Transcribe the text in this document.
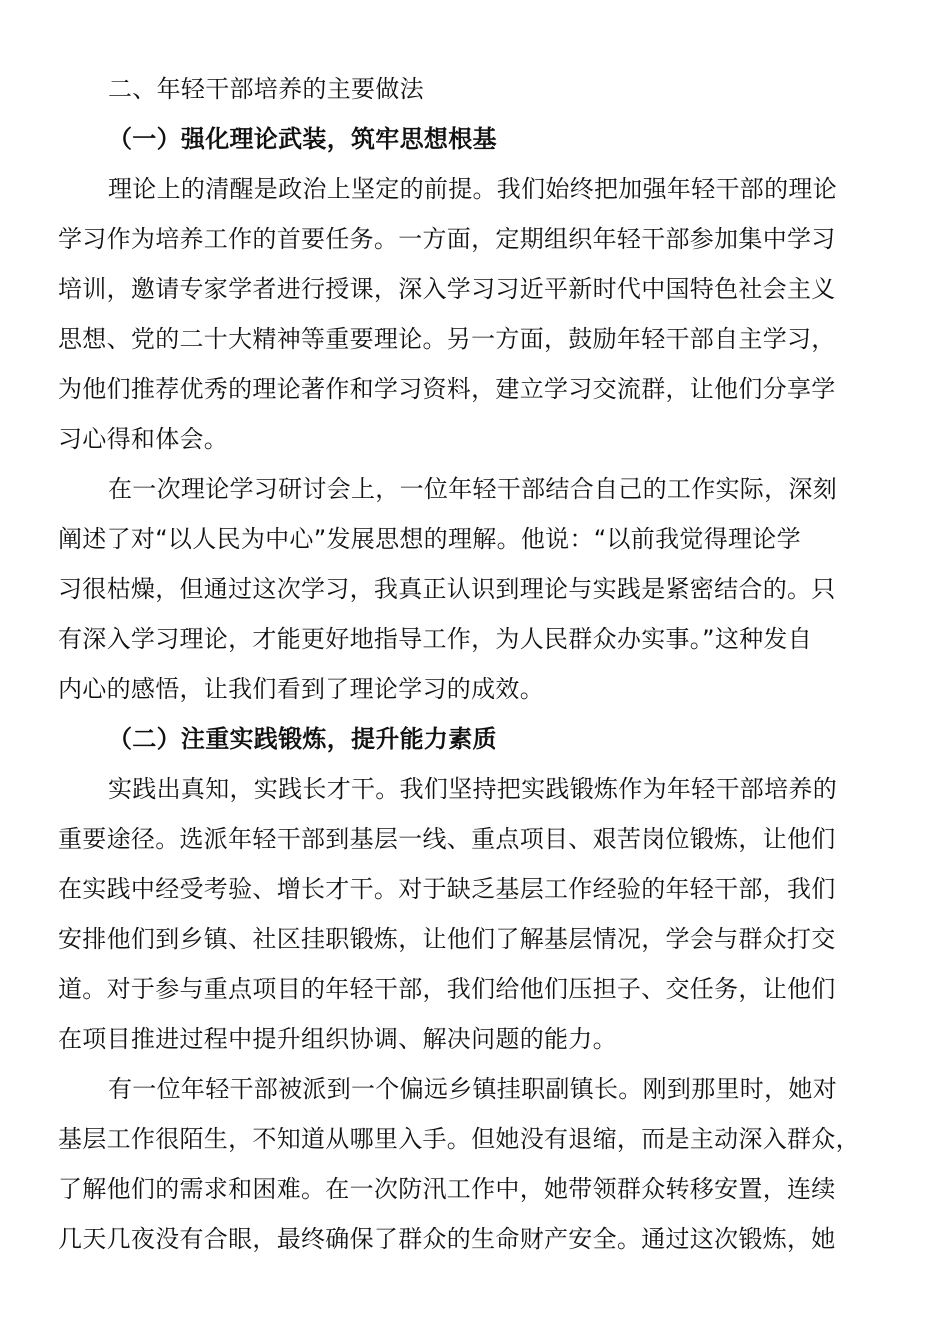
二、年轻干部培养的主要做法
（一）强化理论武装，筑牢思想根基
理论上的清醒是政治上坚定的前提。我们始终把加强年轻干部的理论
学习作为培养工作的首要任务。一方面，定期组织年轻干部参加集中学习
培训，邀请专家学者进行授课，深入学习习近平新时代中国特色社会主义
思想、党的二十大精神等重要理论。另一方面，鼓励年轻干部自主学习，
为他们推荐优秀的理论著作和学习资料，建立学习交流群，让他们分享学
习心得和体会。
在一次理论学习研讨会上，一位年轻干部结合自己的工作实际，深刻
阐述了对“以人民为中心”发展思想的理解。他说：“以前我觉得理论学
习很枯燥，但通过这次学习，我真正认识到理论与实践是紧密结合的。只
有深入学习理论，才能更好地指导工作，为人民群众办实事。”这种发自
内心的感悟，让我们看到了理论学习的成效。
（二）注重实践锻炼，提升能力素质
实践出真知，实践长才干。我们坚持把实践锻炼作为年轻干部培养的
重要途径。选派年轻干部到基层一线、重点项目、艰苦岗位锻炼，让他们
在实践中经受考验、增长才干。对于缺乏基层工作经验的年轻干部，我们
安排他们到乡镇、社区挂职锻炼，让他们了解基层情况，学会与群众打交
道。对于参与重点项目的年轻干部，我们给他们压担子、交任务，让他们
在项目推进过程中提升组织协调、解决问题的能力。
有一位年轻干部被派到一个偏远乡镇挂职副镇长。刚到那里时，她对
基层工作很陌生，不知道从哪里入手。但她没有退缩，而是主动深入群众，
了解他们的需求和困难。在一次防汛工作中，她带领群众转移安置，连续
几天几夜没有合眼，最终确保了群众的生命财产安全。通过这次锻炼，她
